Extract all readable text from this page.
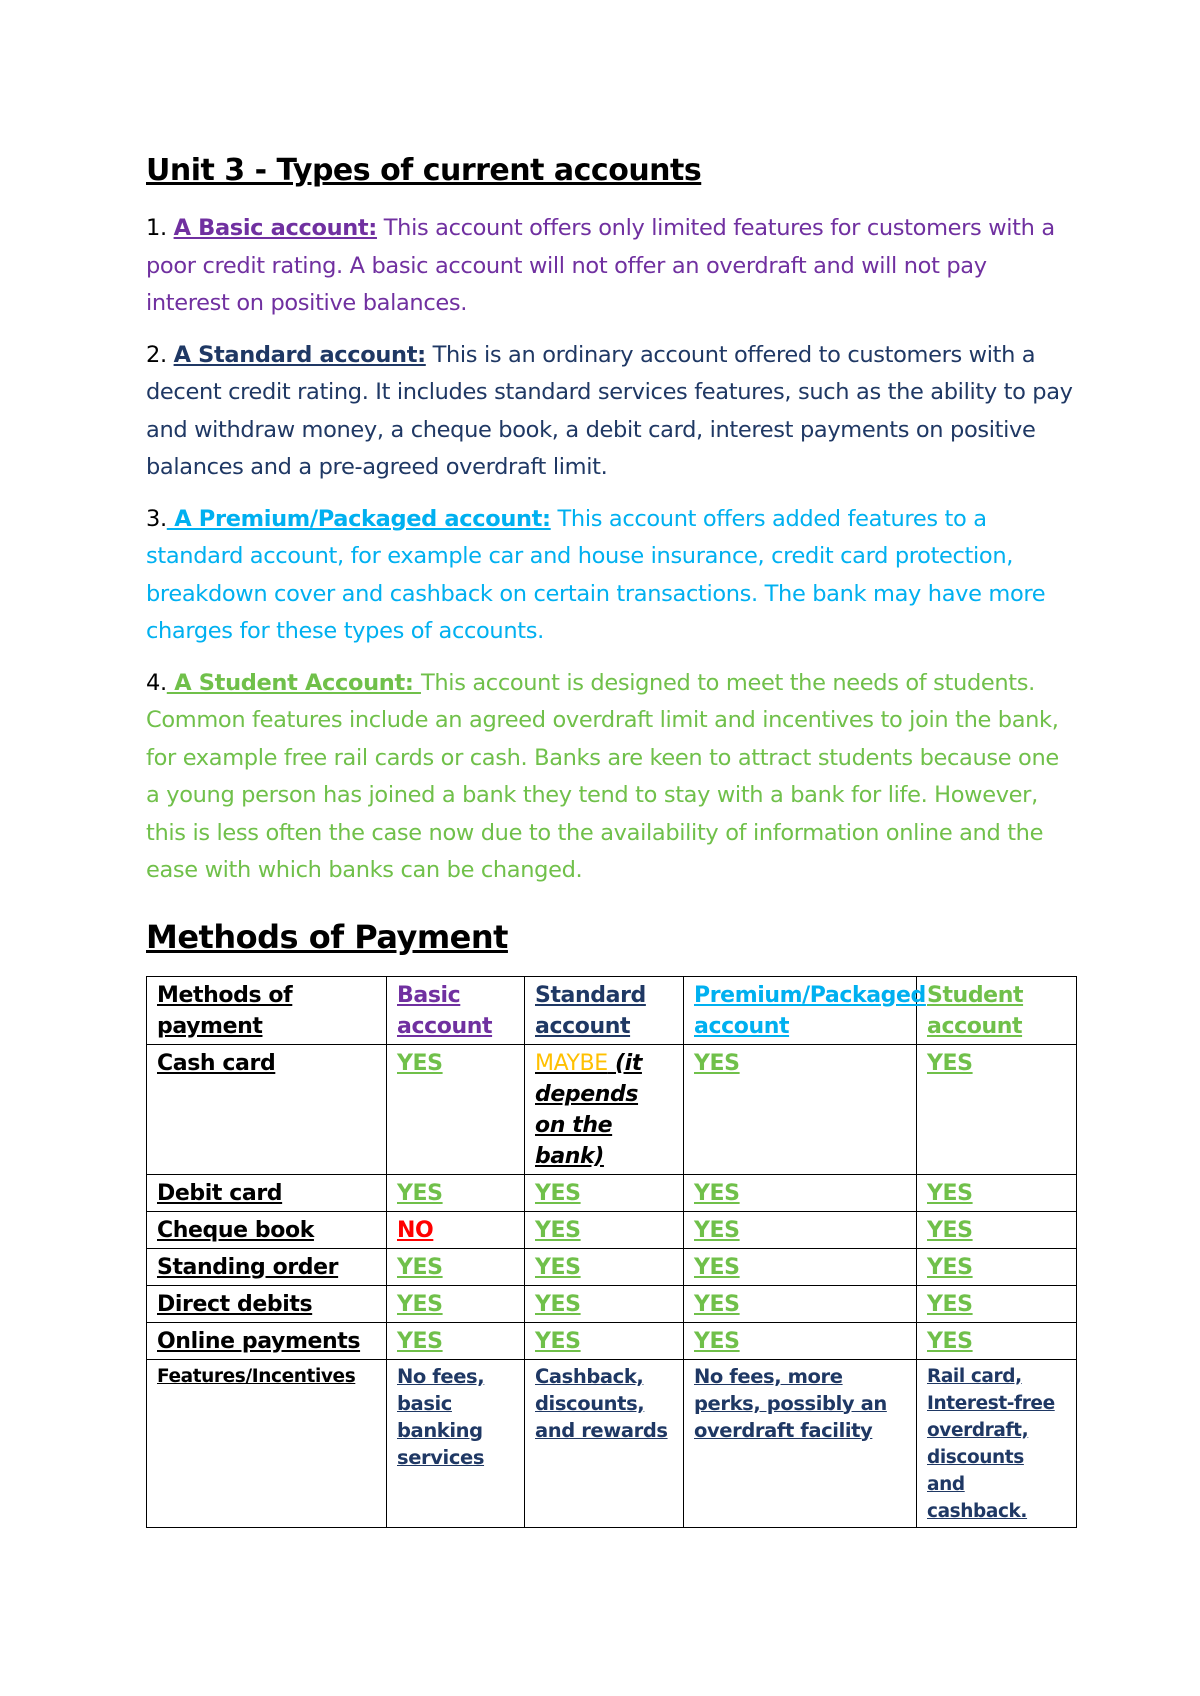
Unit 3 - Types of current accounts

1. A Basic account: This account offers only limited features for customers with a poor credit rating. A basic account will not offer an overdraft and will not pay interest on positive balances.

2. A Standard account: This is an ordinary account offered to customers with a decent credit rating. It includes standard services features, such as the ability to pay and withdraw money, a cheque book, a debit card, interest payments on positive balances and a pre-agreed overdraft limit.

3. A Premium/Packaged account: This account offers added features to a standard account, for example car and house insurance, credit card protection, breakdown cover and cashback on certain transactions. The bank may have more charges for these types of accounts.

4. A Student Account: This account is designed to meet the needs of students. Common features include an agreed overdraft limit and incentives to join the bank, for example free rail cards or cash. Banks are keen to attract students because one a young person has joined a bank they tend to stay with a bank for life. However, this is less often the case now due to the availability of information online and the ease with which banks can be changed.

Methods of Payment
Methods of payment	Basic account	Standard account	Premium/Packaged account	Student account
Cash card	YES	MAYBE (it depends on the bank)	YES	YES
Debit card	YES	YES	YES	YES
Cheque book	NO	YES	YES	YES
Standing order	YES	YES	YES	YES
Direct debits	YES	YES	YES	YES
Online payments	YES	YES	YES	YES
Features/Incentives	No fees, basic banking services	Cashback, discounts, and rewards	No fees, more perks, possibly an overdraft facility	Rail card, Interest-free overdraft, discounts and cashback.
